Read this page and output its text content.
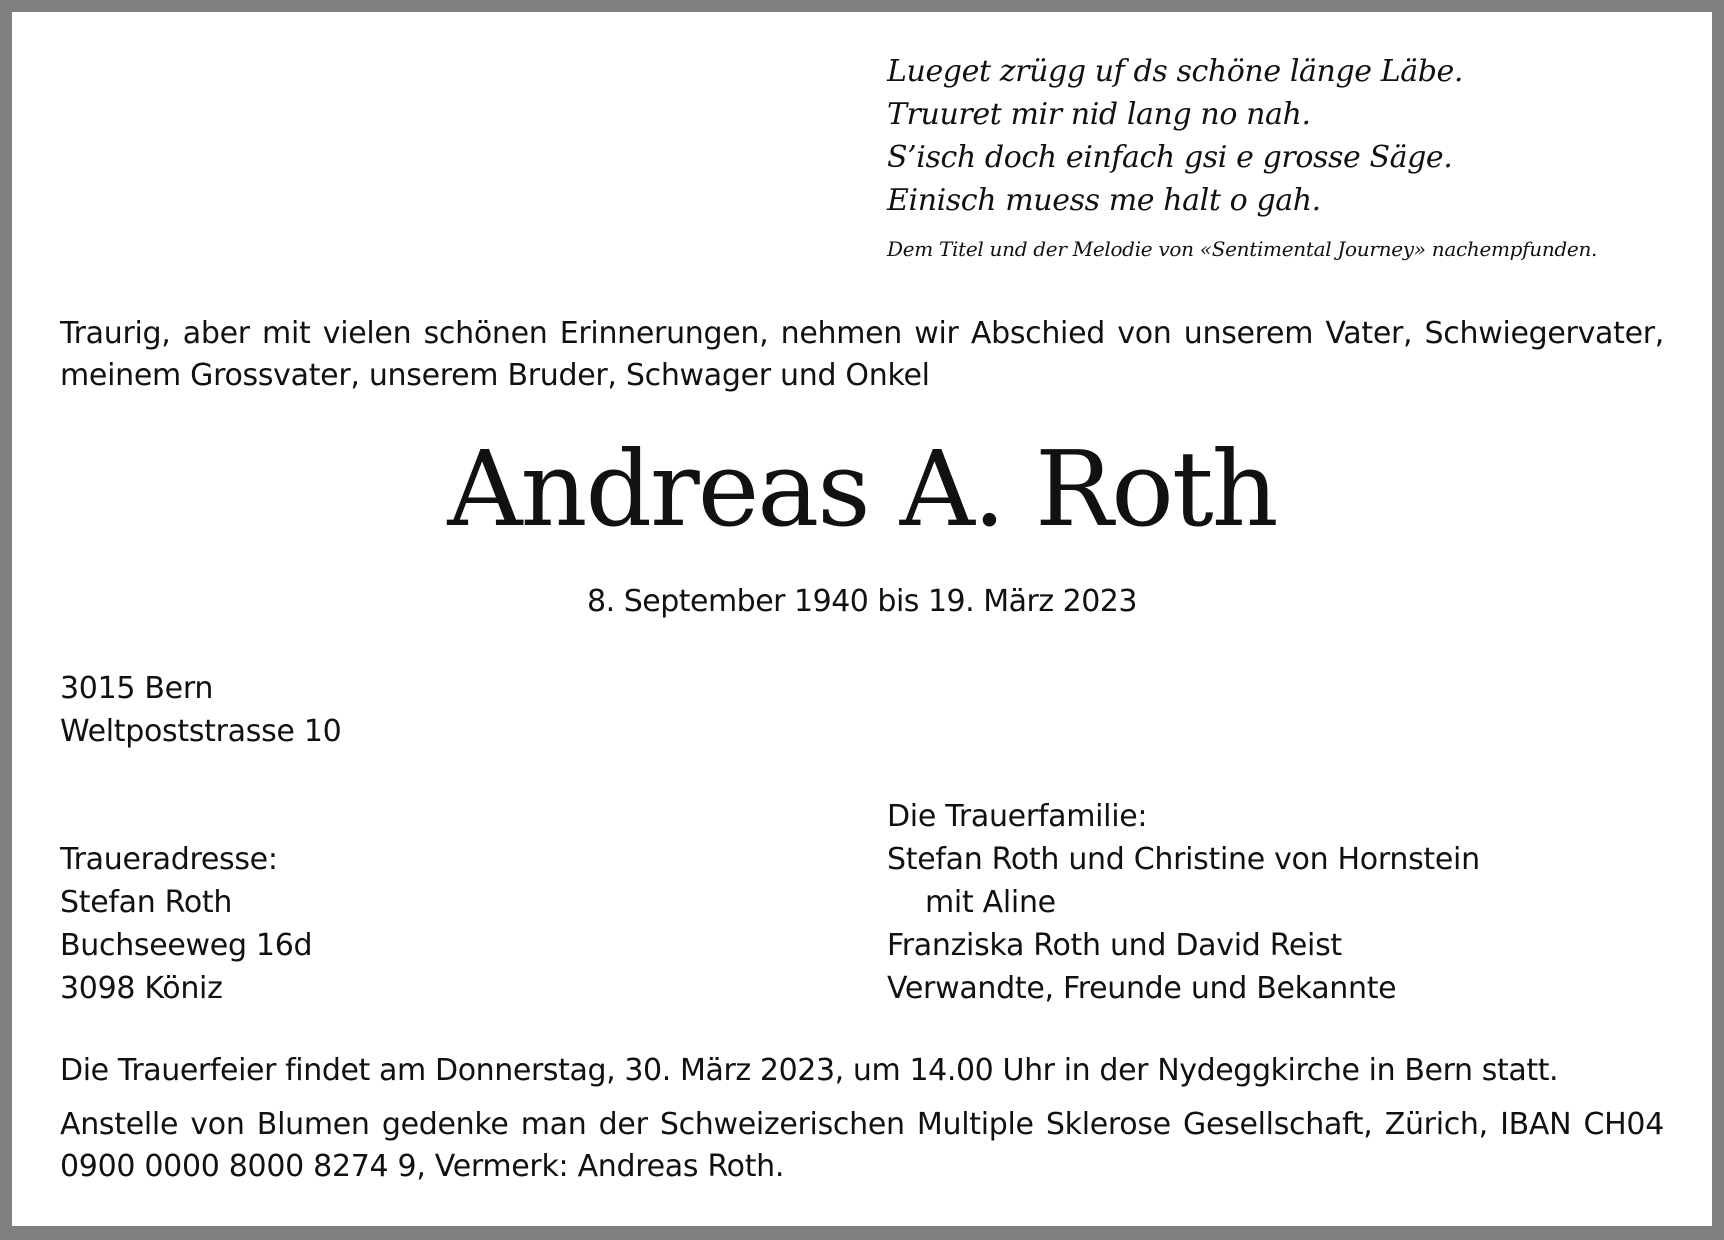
Lueget zrügg uf ds schöne länge Läbe.
Truuret mir nid lang no nah.
S’isch doch einfach gsi e grosse Säge.
Einisch muess me halt o gah.
Dem Titel und der Melodie von «Sentimental Journey» nachempfunden.
Traurig, aber mit vielen schönen Erinnerungen, nehmen wir Abschied von unserem Vater, Schwiegervater, meinem Grossvater, unserem Bruder, Schwager und Onkel
Andreas A. Roth
8. September 1940 bis 19. März 2023
3015 Bern
Weltpoststrasse 10
Traueradresse:
Stefan Roth
Buchseeweg 16d
3098 Köniz
Die Trauerfamilie:
Stefan Roth und Christine von Hornstein
mit Aline
Franziska Roth und David Reist
Verwandte, Freunde und Bekannte
Die Trauerfeier findet am Donnerstag, 30. März 2023, um 14.00 Uhr in der Nydeggkirche in Bern statt.
Anstelle von Blumen gedenke man der Schweizerischen Multiple Sklerose Gesellschaft, Zürich, IBAN CH04 0900 0000 8000 8274 9, Vermerk: Andreas Roth.
